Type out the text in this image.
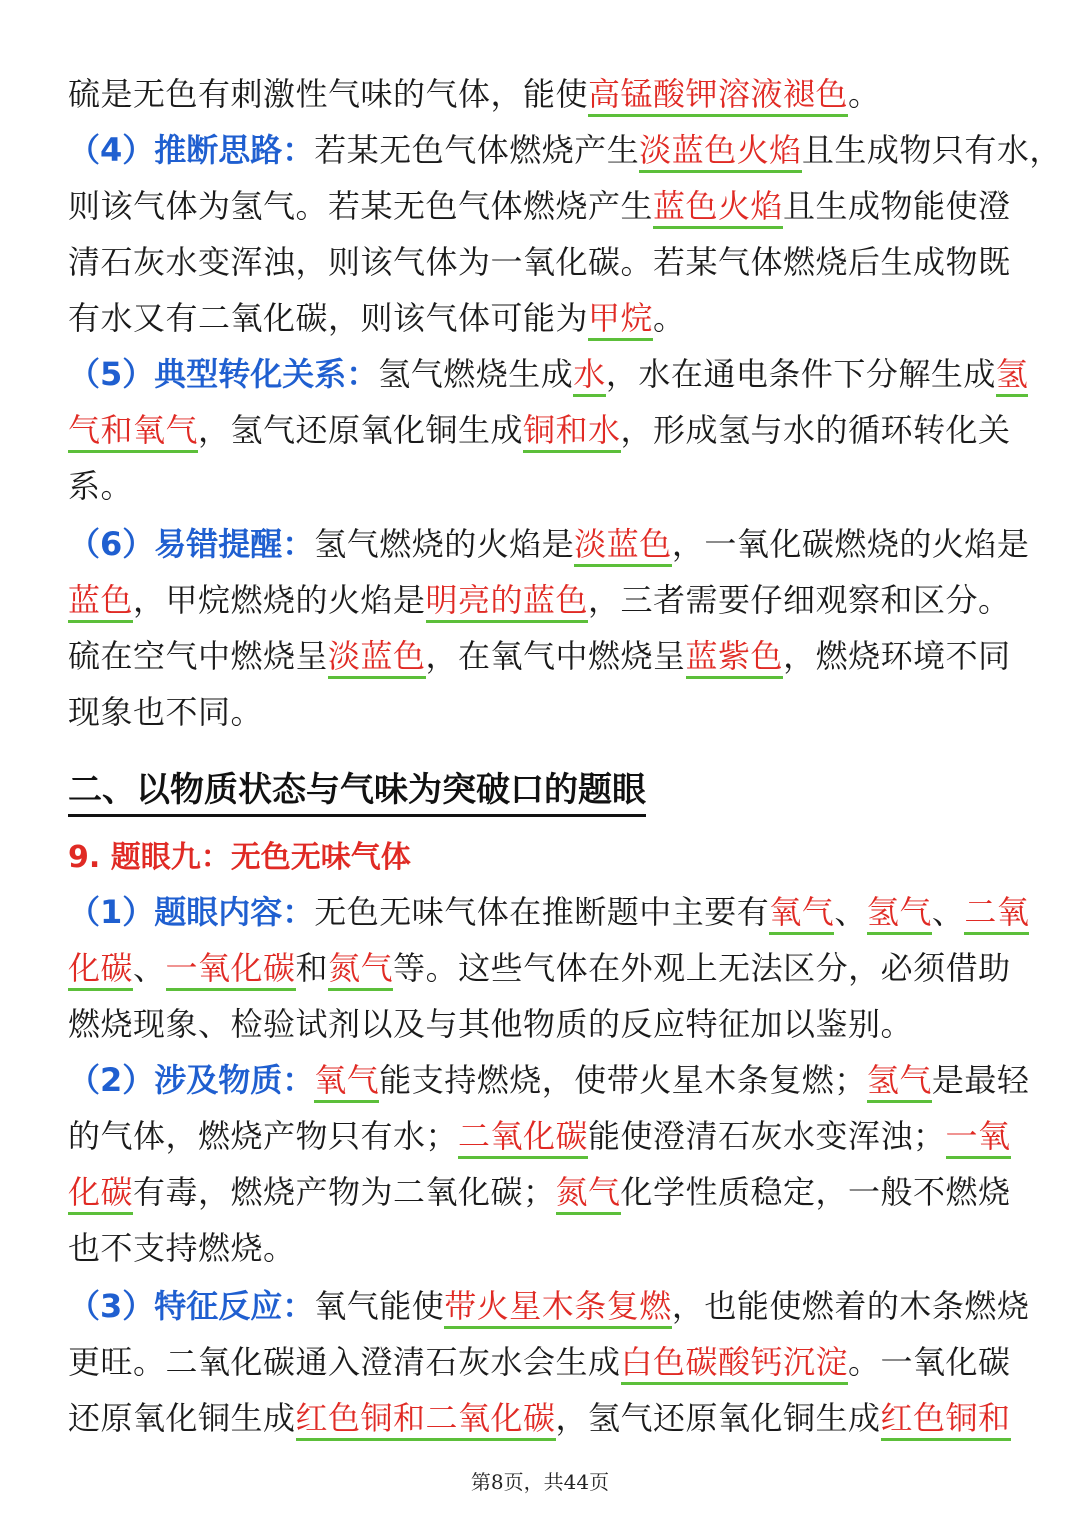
硫是无色有刺激性气味的气体，能使高锰酸钾溶液褪色。
（4）推断思路：若某无色气体燃烧产生淡蓝色火焰且生成物只有水，
则该气体为氢气。若某无色气体燃烧产生蓝色火焰且生成物能使澄
清石灰水变浑浊，则该气体为一氧化碳。若某气体燃烧后生成物既
有水又有二氧化碳，则该气体可能为甲烷。
（5）典型转化关系：氢气燃烧生成水，水在通电条件下分解生成氢
气和氧气，氢气还原氧化铜生成铜和水，形成氢与水的循环转化关
系。
（6）易错提醒：氢气燃烧的火焰是淡蓝色，一氧化碳燃烧的火焰是
蓝色，甲烷燃烧的火焰是明亮的蓝色，三者需要仔细观察和区分。
硫在空气中燃烧呈淡蓝色，在氧气中燃烧呈蓝紫色，燃烧环境不同
现象也不同。
（1）题眼内容：无色无味气体在推断题中主要有氧气、氢气、二氧
化碳、一氧化碳和氮气等。这些气体在外观上无法区分，必须借助
燃烧现象、检验试剂以及与其他物质的反应特征加以鉴别。
（2）涉及物质：氧气能支持燃烧，使带火星木条复燃；氢气是最轻
的气体，燃烧产物只有水；二氧化碳能使澄清石灰水变浑浊；一氧
化碳有毒，燃烧产物为二氧化碳；氮气化学性质稳定，一般不燃烧
也不支持燃烧。
（3）特征反应：氧气能使带火星木条复燃，也能使燃着的木条燃烧
更旺。二氧化碳通入澄清石灰水会生成白色碳酸钙沉淀。一氧化碳
还原氧化铜生成红色铜和二氧化碳，氢气还原氧化铜生成红色铜和
二、以物质状态与气味为突破口的题眼
9. 题眼九：无色无味气体
第8页，共44页
